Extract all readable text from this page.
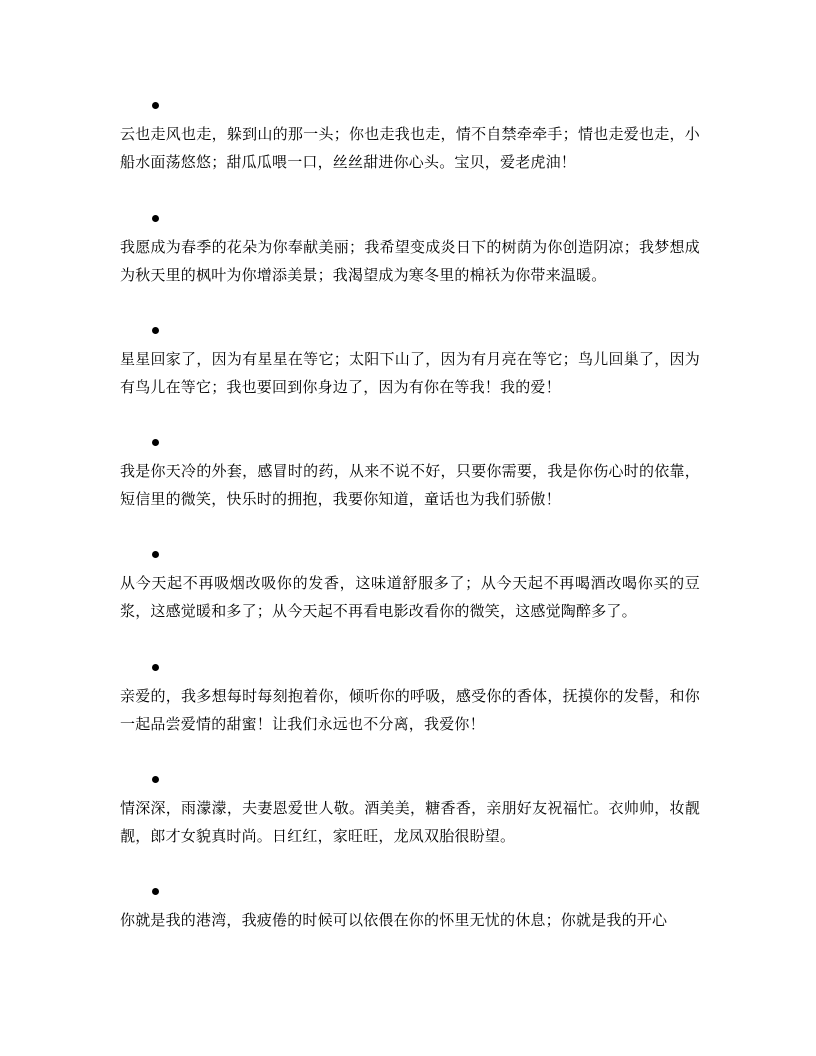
云也走风也走，躲到山的那一头；你也走我也走，情不自禁牵牵手；情也走爱也走，小船水面荡悠悠；甜瓜瓜喂一口，丝丝甜进你心头。宝贝，爱老虎油！
我愿成为春季的花朵为你奉献美丽；我希望变成炎日下的树荫为你创造阴凉；我梦想成为秋天里的枫叶为你增添美景；我渴望成为寒冬里的棉袄为你带来温暖。
星星回家了，因为有星星在等它；太阳下山了，因为有月亮在等它；鸟儿回巢了，因为有鸟儿在等它；我也要回到你身边了，因为有你在等我！我的爱！
我是你天冷的外套，感冒时的药，从来不说不好，只要你需要，我是你伤心时的依靠，短信里的微笑，快乐时的拥抱，我要你知道，童话也为我们骄傲！
从今天起不再吸烟改吸你的发香，这味道舒服多了；从今天起不再喝酒改喝你买的豆浆，这感觉暖和多了；从今天起不再看电影改看你的微笑，这感觉陶醉多了。
亲爱的，我多想每时每刻抱着你，倾听你的呼吸，感受你的香体，抚摸你的发髻，和你一起品尝爱情的甜蜜！让我们永远也不分离，我爱你！
情深深，雨濛濛，夫妻恩爱世人敬。酒美美，糖香香，亲朋好友祝福忙。衣帅帅，妆靓靓，郎才女貌真时尚。日红红，家旺旺，龙凤双胎很盼望。
你就是我的港湾，我疲倦的时候可以依偎在你的怀里无忧的休息；你就是我的开心
